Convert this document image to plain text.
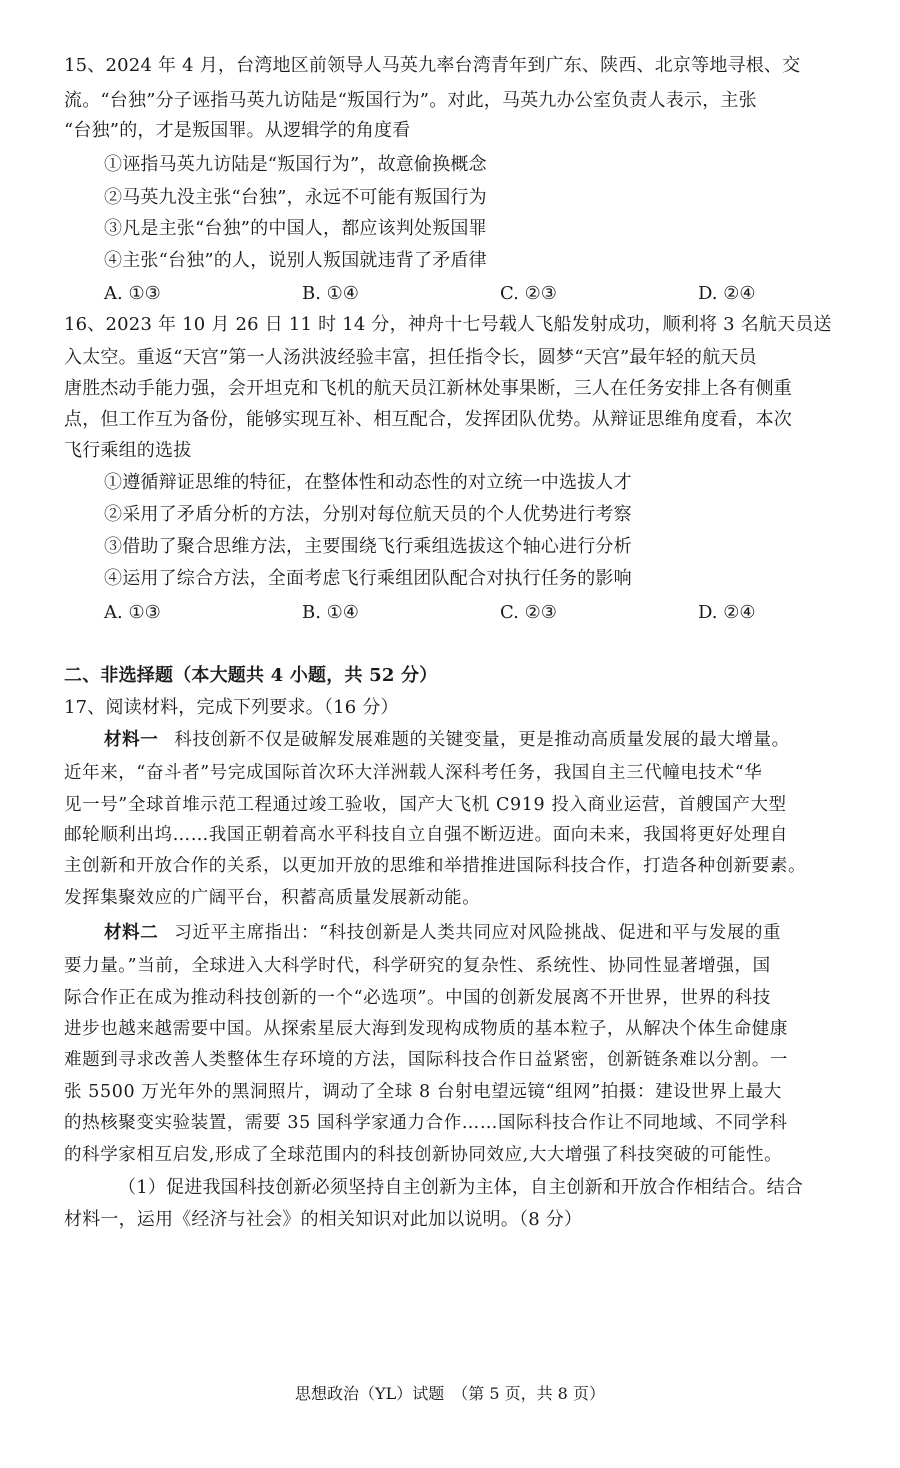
15、2024 年 4 月，台湾地区前领导人马英九率台湾青年到广东、陕西、北京等地寻根、交
流。“台独”分子诬指马英九访陆是“叛国行为”。对此，马英九办公室负责人表示，主张
“台独”的，才是叛国罪。从逻辑学的角度看
①诬指马英九访陆是“叛国行为”，故意偷换概念
②马英九没主张“台独”，永远不可能有叛国行为
③凡是主张“台独”的中国人，都应该判处叛国罪
④主张“台独”的人，说别人叛国就违背了矛盾律
A. ①③	B. ①④	C. ②③	D. ②④
16、2023 年 10 月 26 日 11 时 14 分，神舟十七号载人飞船发射成功，顺利将 3 名航天员送
入太空。重返“天宫”第一人汤洪波经验丰富，担任指令长，圆梦“天宫”最年轻的航天员
唐胜杰动手能力强，会开坦克和飞机的航天员江新林处事果断，三人在任务安排上各有侧重
点，但工作互为备份，能够实现互补、相互配合，发挥团队优势。从辩证思维角度看，本次
飞行乘组的选拔
①遵循辩证思维的特征，在整体性和动态性的对立统一中选拔人才
②采用了矛盾分析的方法，分别对每位航天员的个人优势进行考察
③借助了聚合思维方法，主要围绕飞行乘组选拔这个轴心进行分析
④运用了综合方法，全面考虑飞行乘组团队配合对执行任务的影响
A. ①③	B. ①④	C. ②③	D. ②④
二、非选择题（本大题共 4 小题，共 52 分）
17、阅读材料，完成下列要求。（16 分）
材料一 科技创新不仅是破解发展难题的关键变量，更是推动高质量发展的最大增量。
近年来，“奋斗者”号完成国际首次环大洋洲载人深科考任务，我国自主三代幢电技术“华
见一号”全球首堆示范工程通过竣工验收，国产大飞机 C919 投入商业运营，首艘国产大型
邮轮顺利出坞……我国正朝着高水平科技自立自强不断迈进。面向未来，我国将更好处理自
主创新和开放合作的关系，以更加开放的思维和举措推进国际科技合作，打造各种创新要素。
发挥集聚效应的广阔平台，积蓄高质量发展新动能。
材料二 习近平主席指出：“科技创新是人类共同应对风险挑战、促进和平与发展的重
要力量。”当前，全球进入大科学时代，科学研究的复杂性、系统性、协同性显著增强，国
际合作正在成为推动科技创新的一个“必选项”。中国的创新发展离不开世界，世界的科技
进步也越来越需要中国。从探索星辰大海到发现构成物质的基本粒子，从解决个体生命健康
难题到寻求改善人类整体生存环境的方法，国际科技合作日益紧密，创新链条难以分割。一
张 5500 万光年外的黑洞照片，调动了全球 8 台射电望远镜“组网”拍摄：建设世界上最大
的热核聚变实验装置，需要 35 国科学家通力合作……国际科技合作让不同地域、不同学科
的科学家相互启发,形成了全球范围内的科技创新协同效应,大大增强了科技突破的可能性。
（1）促进我国科技创新必须坚持自主创新为主体，自主创新和开放合作相结合。结合
材料一，运用《经济与社会》的相关知识对此加以说明。（8 分）
思想政治（YL）试题　（第 5 页，共 8 页）
